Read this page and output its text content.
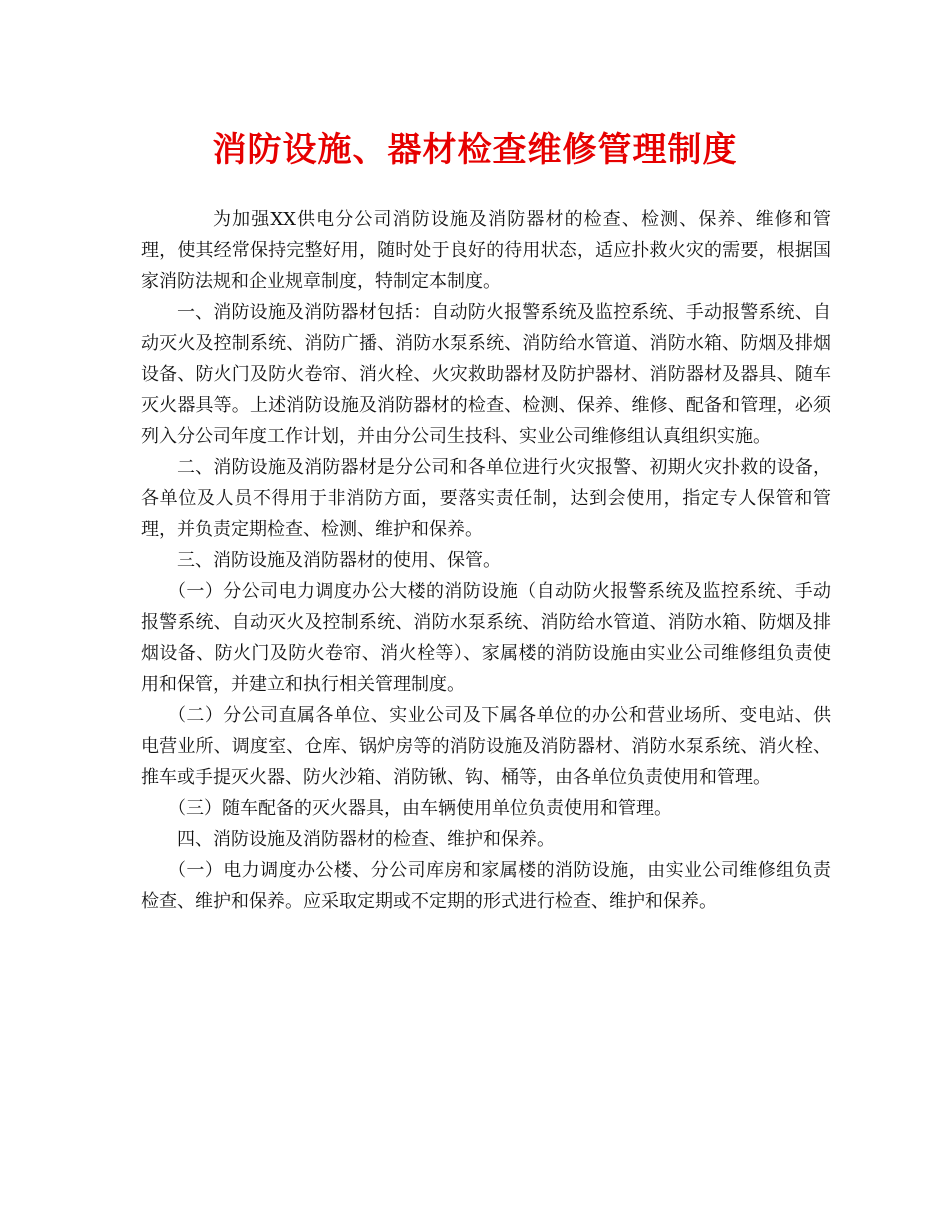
消防设施、器材检查维修管理制度

为加强XX供电分公司消防设施及消防器材的检查、检测、保养、维修和管理，使其经常保持完整好用，随时处于良好的待用状态，适应扑救火灾的需要，根据国家消防法规和企业规章制度，特制定本制度。

一、消防设施及消防器材包括：自动防火报警系统及监控系统、手动报警系统、自动灭火及控制系统、消防广播、消防水泵系统、消防给水管道、消防水箱、防烟及排烟设备、防火门及防火卷帘、消火栓、火灾救助器材及防护器材、消防器材及器具、随车灭火器具等。上述消防设施及消防器材的检查、检测、保养、维修、配备和管理，必须列入分公司年度工作计划，并由分公司生技科、实业公司维修组认真组织实施。

二、消防设施及消防器材是分公司和各单位进行火灾报警、初期火灾扑救的设备，各单位及人员不得用于非消防方面，要落实责任制，达到会使用，指定专人保管和管理，并负责定期检查、检测、维护和保养。

三、消防设施及消防器材的使用、保管。

（一）分公司电力调度办公大楼的消防设施（自动防火报警系统及监控系统、手动报警系统、自动灭火及控制系统、消防水泵系统、消防给水管道、消防水箱、防烟及排烟设备、防火门及防火卷帘、消火栓等）、家属楼的消防设施由实业公司维修组负责使用和保管，并建立和执行相关管理制度。

（二）分公司直属各单位、实业公司及下属各单位的办公和营业场所、变电站、供电营业所、调度室、仓库、锅炉房等的消防设施及消防器材、消防水泵系统、消火栓、推车或手提灭火器、防火沙箱、消防锹、钩、桶等，由各单位负责使用和管理。

（三）随车配备的灭火器具，由车辆使用单位负责使用和管理。

四、消防设施及消防器材的检查、维护和保养。

（一）电力调度办公楼、分公司库房和家属楼的消防设施，由实业公司维修组负责检查、维护和保养。应采取定期或不定期的形式进行检查、维护和保养。
